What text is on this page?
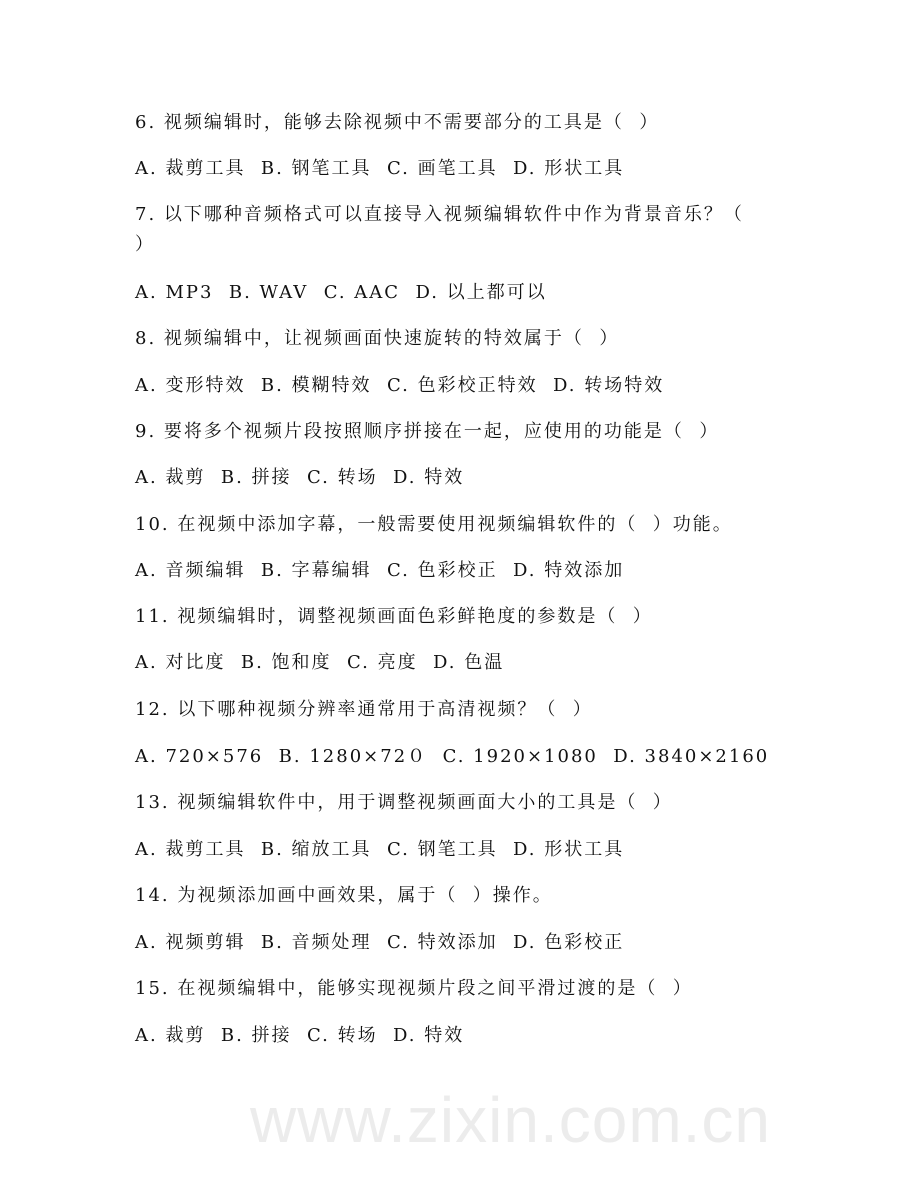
www.zixin.com.cn
6. 视频编辑时，能够去除视频中不需要部分的工具是（  ）
A. 裁剪工具  B. 钢笔工具  C. 画笔工具  D. 形状工具
7. 以下哪种音频格式可以直接导入视频编辑软件中作为背景音乐？（
）
A. MP3  B. WAV  C. AAC  D. 以上都可以
8. 视频编辑中，让视频画面快速旋转的特效属于（  ）
A. 变形特效  B. 模糊特效  C. 色彩校正特效  D. 转场特效
9. 要将多个视频片段按照顺序拼接在一起，应使用的功能是（  ）
A. 裁剪  B. 拼接  C. 转场  D. 特效
10. 在视频中添加字幕，一般需要使用视频编辑软件的（  ）功能。
A. 音频编辑  B. 字幕编辑  C. 色彩校正  D. 特效添加
11. 视频编辑时，调整视频画面色彩鲜艳度的参数是（  ）
A. 对比度  B. 饱和度  C. 亮度  D. 色温
12. 以下哪种视频分辨率通常用于高清视频？（  ）
A. 720×576  B. 1280×72０  C. 1920×1080  D. 3840×2160
13. 视频编辑软件中，用于调整视频画面大小的工具是（  ）
A. 裁剪工具  B. 缩放工具  C. 钢笔工具  D. 形状工具
14. 为视频添加画中画效果，属于（  ）操作。
A. 视频剪辑  B. 音频处理  C. 特效添加  D. 色彩校正
15. 在视频编辑中，能够实现视频片段之间平滑过渡的是（  ）
A. 裁剪  B. 拼接  C. 转场  D. 特效
